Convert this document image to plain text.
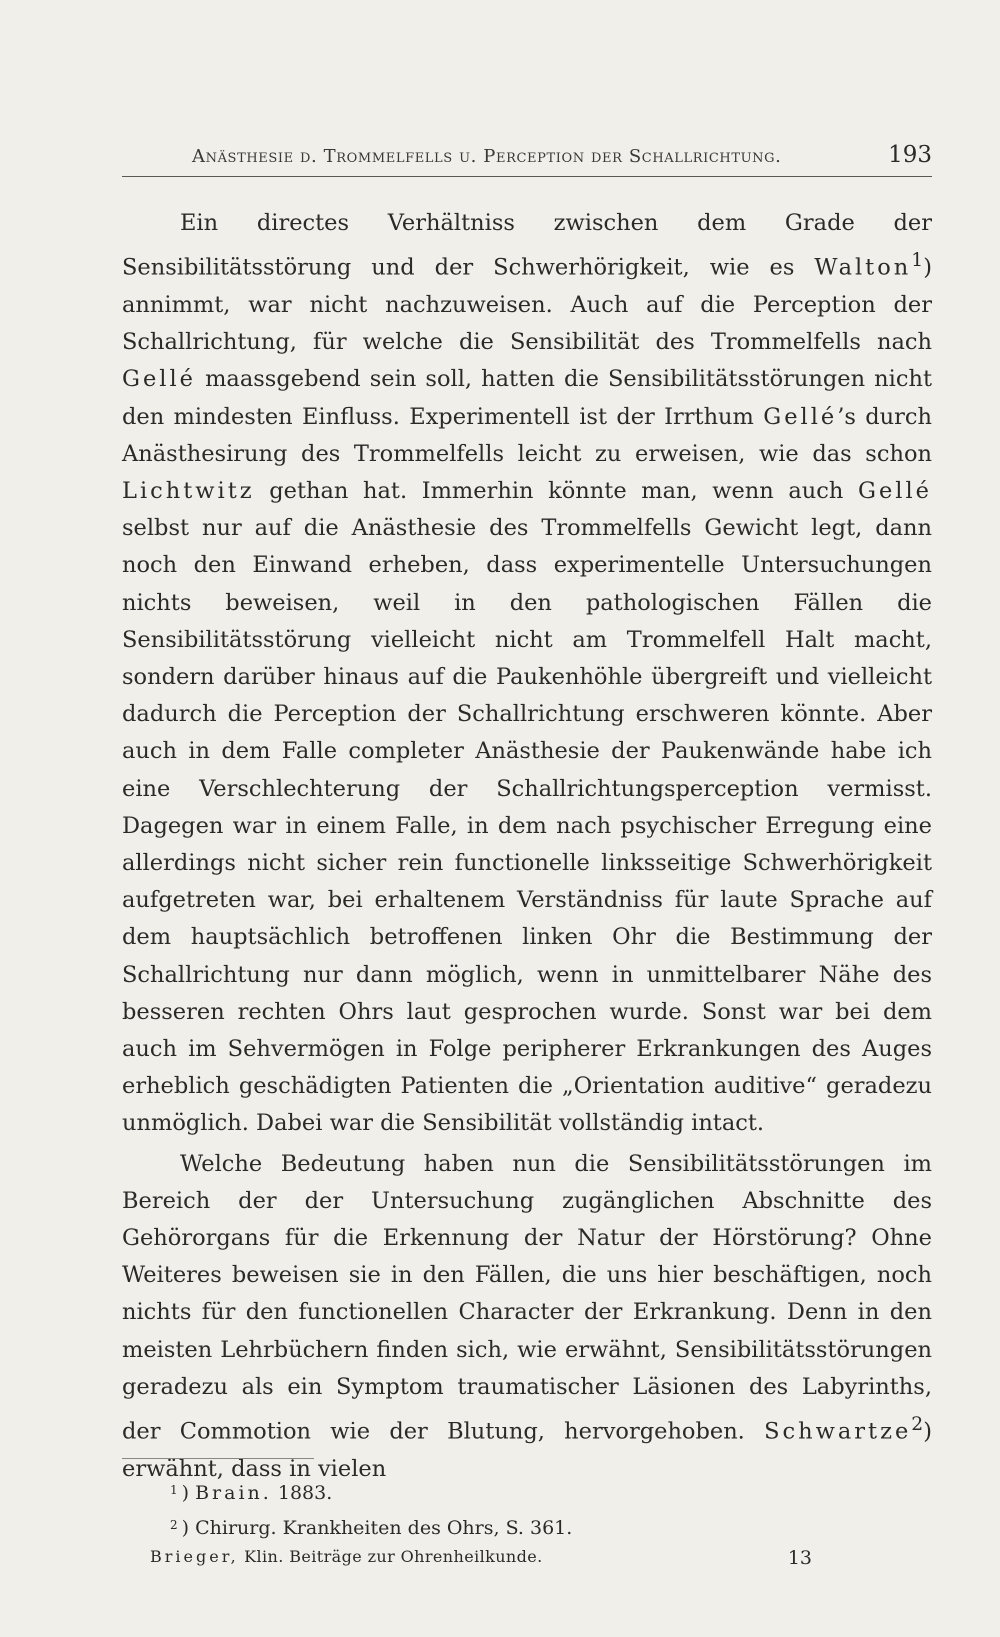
Anästhesie d. Trommelfells u. Perception der Schallrichtung.	193

Ein directes Verhältniss zwischen dem Grade der Sensibilitätsstörung und der Schwerhörigkeit, wie es Walton$^1$) annimmt, war nicht nachzuweisen. Auch auf die Perception der Schallrichtung, für welche die Sensibilität des Trommelfells nach Gellé maassgebend sein soll, hatten die Sensibilitätsstörungen nicht den mindesten Einfluss. Experimentell ist der Irrthum Gellé’s durch Anästhesirung des Trommelfells leicht zu erweisen, wie das schon Lichtwitz gethan hat. Immerhin könnte man, wenn auch Gellé selbst nur auf die Anästhesie des Trommelfells Gewicht legt, dann noch den Einwand erheben, dass experimentelle Untersuchungen nichts beweisen, weil in den pathologischen Fällen die Sensibilitätsstörung vielleicht nicht am Trommelfell Halt macht, sondern darüber hinaus auf die Paukenhöhle übergreift und vielleicht dadurch die Perception der Schallrichtung erschweren könnte. Aber auch in dem Falle completer Anästhesie der Paukenwände habe ich eine Verschlechterung der Schallrichtungsperception vermisst. Dagegen war in einem Falle, in dem nach psychischer Erregung eine allerdings nicht sicher rein functionelle linksseitige Schwerhörigkeit aufgetreten war, bei erhaltenem Verständniss für laute Sprache auf dem hauptsächlich betroffenen linken Ohr die Bestimmung der Schallrichtung nur dann möglich, wenn in unmittelbarer Nähe des besseren rechten Ohrs laut gesprochen wurde. Sonst war bei dem auch im Sehvermögen in Folge peripherer Erkrankungen des Auges erheblich geschädigten Patienten die „Orientation auditive“ geradezu unmöglich. Dabei war die Sensibilität vollständig intact.

Welche Bedeutung haben nun die Sensibilitätsstörungen im Bereich der der Untersuchung zugänglichen Abschnitte des Gehörorgans für die Erkennung der Natur der Hörstörung? Ohne Weiteres beweisen sie in den Fällen, die uns hier beschäftigen, noch nichts für den functionellen Character der Erkrankung. Denn in den meisten Lehrbüchern finden sich, wie erwähnt, Sensibilitätsstörungen geradezu als ein Symptom traumatischer Läsionen des Labyrinths, der Commotion wie der Blutung, hervorgehoben. Schwartze$^2$) erwähnt, dass in vielen

$^1$ ) Brain. 1883.
$^2$ ) Chirurg. Krankheiten des Ohrs, S. 361.
Brieger, Klin. Beiträge zur Ohrenheilkunde.	13
